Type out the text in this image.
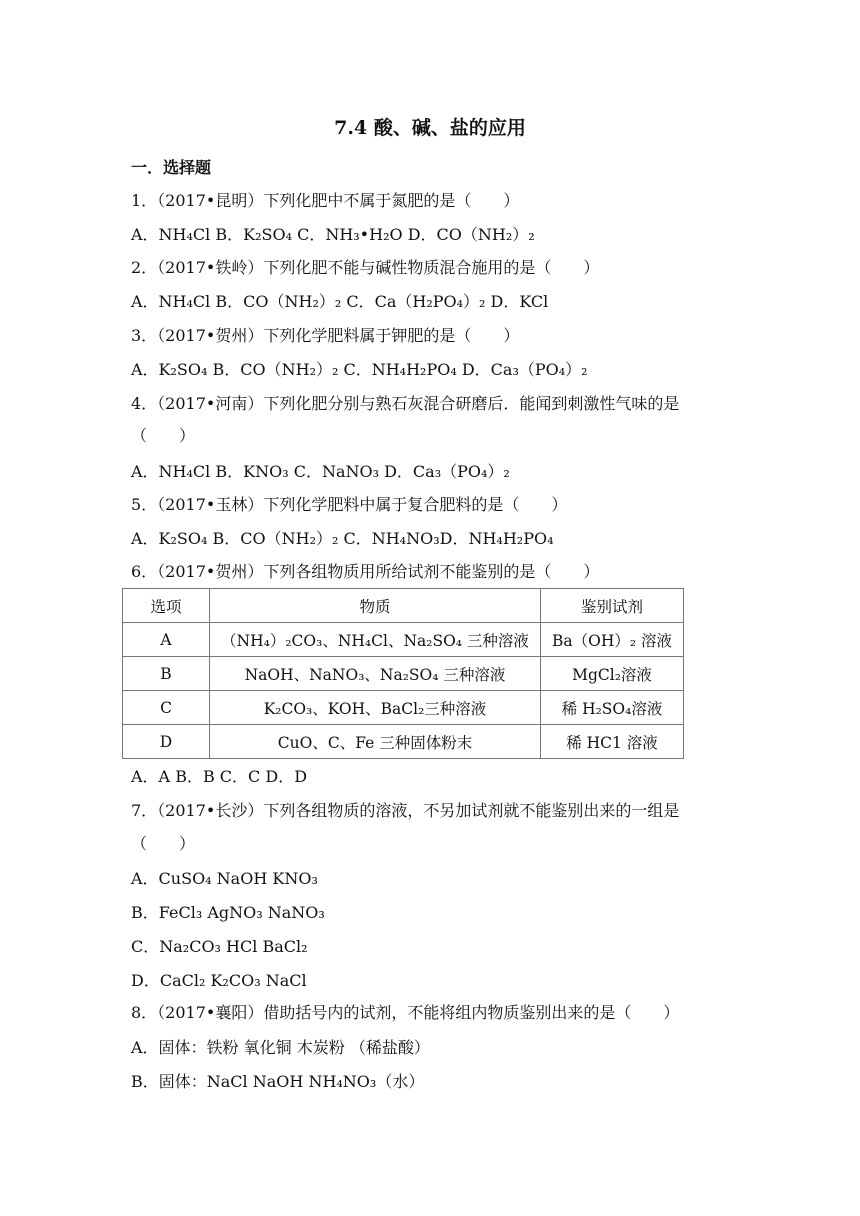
7.4 酸、碱、盐的应用
一．选择题
1．（2017•昆明）下列化肥中不属于氮肥的是（　　）
A．NH₄Cl B．K₂SO₄ C．NH₃•H₂O D．CO（NH₂）₂
2．（2017•铁岭）下列化肥不能与碱性物质混合施用的是（　　）
A．NH₄Cl B．CO（NH₂）₂ C．Ca（H₂PO₄）₂ D．KCl
3．（2017•贺州）下列化学肥料属于钾肥的是（　　）
A．K₂SO₄ B．CO（NH₂）₂ C．NH₄H₂PO₄ D．Ca₃（PO₄）₂
4．（2017•河南）下列化肥分别与熟石灰混合研磨后．能闻到刺激性气味的是
（　　）
A．NH₄Cl B．KNO₃ C．NaNO₃ D．Ca₃（PO₄）₂
5．（2017•玉林）下列化学肥料中属于复合肥料的是（　　）
A．K₂SO₄ B．CO（NH₂）₂ C．NH₄NO₃D．NH₄H₂PO₄
6．（2017•贺州）下列各组物质用所给试剂不能鉴别的是（　　）
选项	物质	鉴别试剂
A	（NH₄）₂CO₃、NH₄Cl、Na₂SO₄ 三种溶液	Ba（OH）₂ 溶液
B	NaOH、NaNO₃、Na₂SO₄ 三种溶液	MgCl₂溶液
C	K₂CO₃、KOH、BaCl₂三种溶液	稀 H₂SO₄溶液
D	CuO、C、Fe 三种固体粉末	稀 HC1 溶液
A．A B．B C．C D．D
7．（2017•长沙）下列各组物质的溶液，不另加试剂就不能鉴别出来的一组是
（　　）
A．CuSO₄ NaOH KNO₃
B．FeCl₃ AgNO₃ NaNO₃
C．Na₂CO₃ HCl BaCl₂
D．CaCl₂ K₂CO₃ NaCl
8．（2017•襄阳）借助括号内的试剂，不能将组内物质鉴别出来的是（　　）
A．固体：铁粉 氧化铜 木炭粉 （稀盐酸）
B．固体：NaCl NaOH NH₄NO₃（水）
